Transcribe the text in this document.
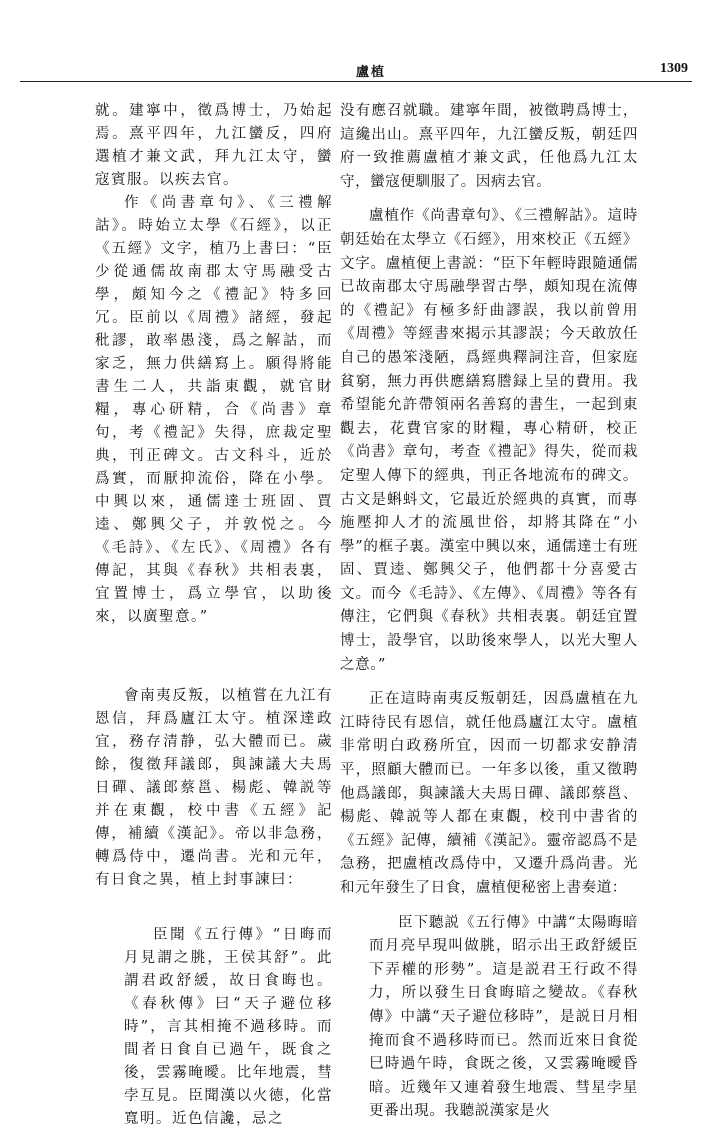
盧植	1309

就。建寧中，徵爲博士，乃始起焉。熹平四年，九江蠻反，四府選植才兼文武，拜九江太守，蠻寇賓服。以疾去官。

作《尚書章句》、《三禮解詁》。時始立太學《石經》，以正《五經》文字，植乃上書曰：“臣少從通儒故南郡太守馬融受古學，頗知今之《禮記》特多回冗。臣前以《周禮》諸經，發起秕謬，敢率愚淺，爲之解詁，而家乏，無力供繕寫上。願得將能書生二人，共詣東觀，就官財糧，專心研精，合《尚書》章句，考《禮記》失得，庶裁定聖典，刊正碑文。古文科斗，近於爲實，而厭抑流俗，降在小學。中興以來，通儒達士班固、賈逵、鄭興父子，并敦悦之。今《毛詩》、《左氏》、《周禮》各有傳記，其與《春秋》共相表裏，宜置博士，爲立學官，以助後來，以廣聖意。”

會南夷反叛，以植嘗在九江有恩信，拜爲廬江太守。植深達政宜，務存清静，弘大體而已。歲餘，復徵拜議郎，與諫議大夫馬日磾、議郎蔡邕、楊彪、韓説等并在東觀，校中書《五經》記傳，補續《漢記》。帝以非急務，轉爲侍中，遷尚書。光和元年，有日食之異，植上封事諫曰：

臣聞《五行傳》“日晦而月見謂之朓，王侯其舒”。此謂君政舒緩，故日食晦也。《春秋傳》曰“天子避位移時”，言其相掩不過移時。而間者日食自已過午，既食之後，雲霧晻曖。比年地震，彗孛互見。臣聞漢以火德，化當寬明。近色信讒，忌之

没有應召就職。建寧年間，被徵聘爲博士，這纔出山。熹平四年，九江蠻反叛，朝廷四府一致推薦盧植才兼文武，任他爲九江太守，蠻寇便馴服了。因病去官。

盧植作《尚書章句》、《三禮解詁》。這時朝廷始在太學立《石經》，用來校正《五經》文字。盧植便上書説：“臣下年輕時跟隨通儒已故南郡太守馬融學習古學，頗知現在流傳的《禮記》有極多紆曲謬誤，我以前曾用《周禮》等經書來揭示其謬誤；今天敢放任自己的愚笨淺陋，爲經典釋詞注音，但家庭貧窮，無力再供應繕寫謄録上呈的費用。我希望能允許帶領兩名善寫的書生，一起到東觀去，花費官家的財糧，專心精研，校正《尚書》章句，考查《禮記》得失，從而栽定聖人傳下的經典，刊正各地流布的碑文。古文是蝌蚪文，它最近於經典的真實，而專施壓抑人才的流風世俗，却將其降在“小學”的框子裏。漢室中興以來，通儒達士有班固、賈逵、鄭興父子，他們都十分喜愛古文。而今《毛詩》、《左傳》、《周禮》等各有傳注，它們與《春秋》共相表裏。朝廷宜置博士，設學官，以助後來學人，以光大聖人之意。”

正在這時南夷反叛朝廷，因爲盧植在九江時待民有恩信，就任他爲廬江太守。盧植非常明白政務所宜，因而一切都求安静清平，照顧大體而已。一年多以後，重又徵聘他爲議郎，與諫議大夫馬日磾、議郎蔡邕、楊彪、韓説等人都在東觀，校刊中書省的《五經》記傳，續補《漢記》。靈帝認爲不是急務，把盧植改爲侍中，又遷升爲尚書。光和元年發生了日食，盧植便秘密上書奏道：

臣下聽説《五行傳》中講“太陽晦暗而月亮早現叫做朓，昭示出王政舒緩臣下弄權的形勢”。這是説君王行政不得力，所以發生日食晦暗之變故。《春秋傳》中講“天子避位移時”，是説日月相掩而食不過移時而已。然而近來日食從巳時過午時，食既之後，又雲霧晻曖昏暗。近幾年又連着發生地震、彗星孛星更番出現。我聽説漢家是火
